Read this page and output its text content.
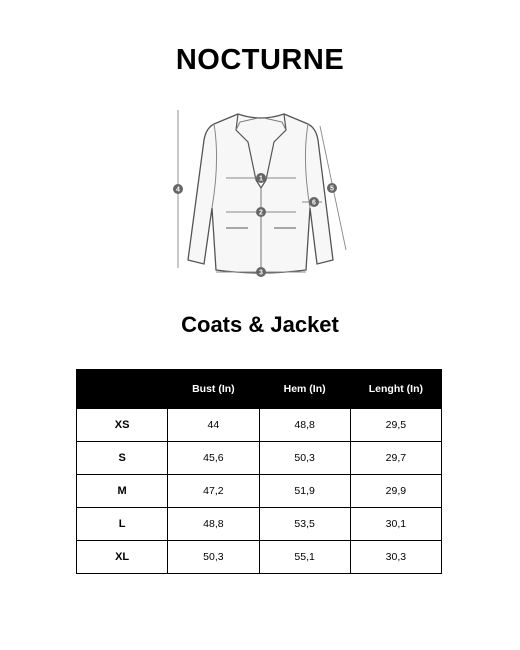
NOCTURNE
1
2
3
4	5
6
Coats & Jacket
	Bust (In)	Hem (In)	Lenght (In)
XS	44	48,8	29,5
S	45,6	50,3	29,7
M	47,2	51,9	29,9
L	48,8	53,5	30,1
XL	50,3	55,1	30,3
